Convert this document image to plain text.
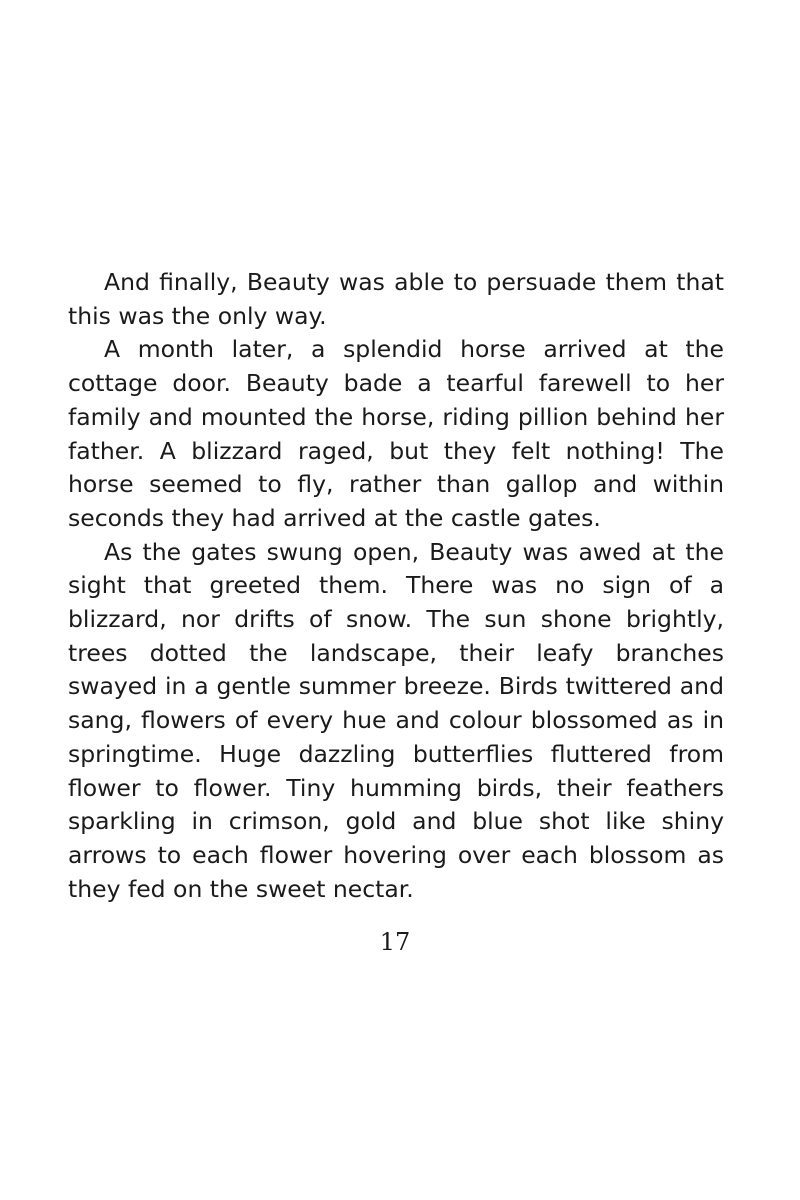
And finally, Beauty was able to persuade them that this was the only way.

A month later, a splendid horse arrived at the cottage door. Beauty bade a tearful farewell to her family and mounted the horse, riding pillion behind her father. A blizzard raged, but they felt nothing! The horse seemed to fly, rather than gallop and within seconds they had arrived at the castle gates.

As the gates swung open, Beauty was awed at the sight that greeted them. There was no sign of a blizzard, nor drifts of snow. The sun shone brightly, trees dotted the landscape, their leafy branches swayed in a gentle summer breeze. Birds twittered and sang, flowers of every hue and colour blossomed as in springtime. Huge dazzling butterflies fluttered from flower to flower. Tiny humming birds, their feathers sparkling in crimson, gold and blue shot like shiny arrows to each flower hovering over each blossom as they fed on the sweet nectar.

17
